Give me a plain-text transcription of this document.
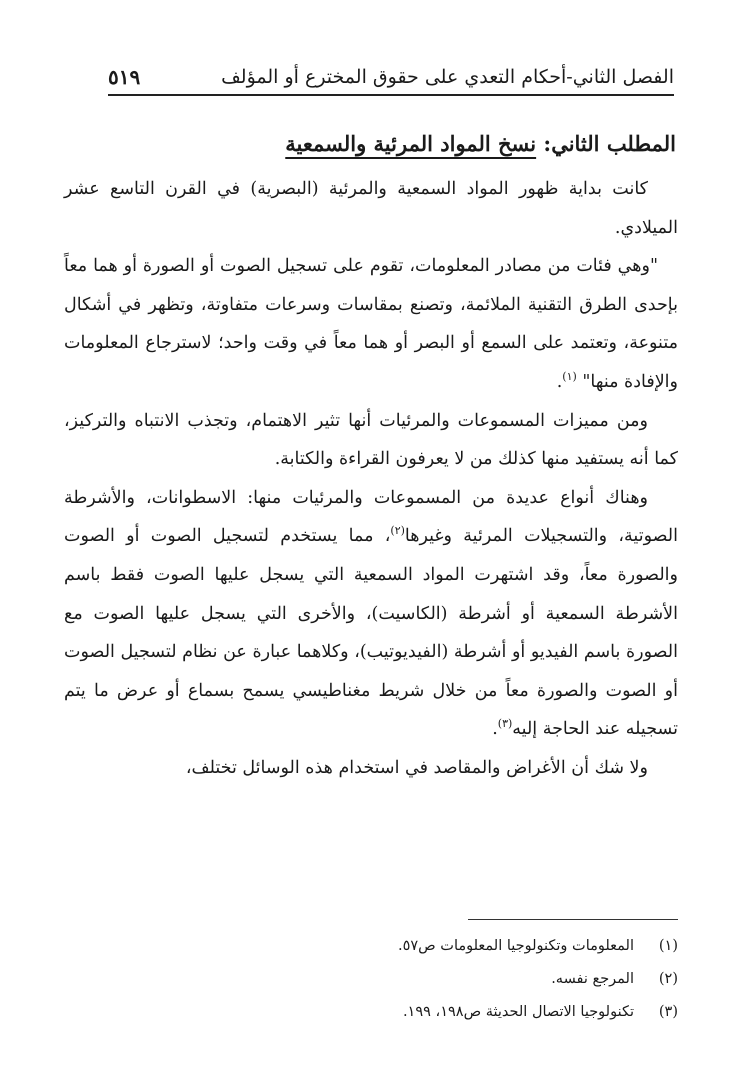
الفصل الثاني-أحكام التعدي على حقوق المخترع أو المؤلف
٥١٩
المطلب الثاني: نسخ المواد المرئية والسمعية

كانت بداية ظهور المواد السمعية والمرئية (البصرية) في القرن التاسع عشر الميلادي.

"وهي فئات من مصادر المعلومات، تقوم على تسجيل الصوت أو الصورة أو هما معاً بإحدى الطرق التقنية الملائمة، وتصنع بمقاسات وسرعات متفاوتة، وتظهر في أشكال متنوعة، وتعتمد على السمع أو البصر أو هما معاً في وقت واحد؛ لاسترجاع المعلومات والإفادة منها" $^{(١)}$.

ومن مميزات المسموعات والمرئيات أنها تثير الاهتمام، وتجذب الانتباه والتركيز، كما أنه يستفيد منها كذلك من لا يعرفون القراءة والكتابة.

وهناك أنواع عديدة من المسموعات والمرئيات منها: الاسطوانات، والأشرطة الصوتية، والتسجيلات المرئية وغيرها$^{(٢)}$، مما يستخدم لتسجيل الصوت أو الصوت والصورة معاً، وقد اشتهرت المواد السمعية التي يسجل عليها الصوت فقط باسم الأشرطة السمعية أو أشرطة (الكاسيت)، والأخرى التي يسجل عليها الصوت مع الصورة باسم الفيديو أو أشرطة (الفيديوتيب)، وكلاهما عبارة عن نظام لتسجيل الصوت أو الصوت والصورة معاً من خلال شريط مغناطيسي يسمح بسماع أو عرض ما يتم تسجيله عند الحاجة إليه$^{(٣)}$.

ولا شك أن الأغراض والمقاصد في استخدام هذه الوسائل تختلف،

(١)
المعلومات وتكنولوجيا المعلومات ص٥٧.
(٢)
المرجع نفسه.
(٣)
تكنولوجيا الاتصال الحديثة ص١٩٨، ١٩٩.
